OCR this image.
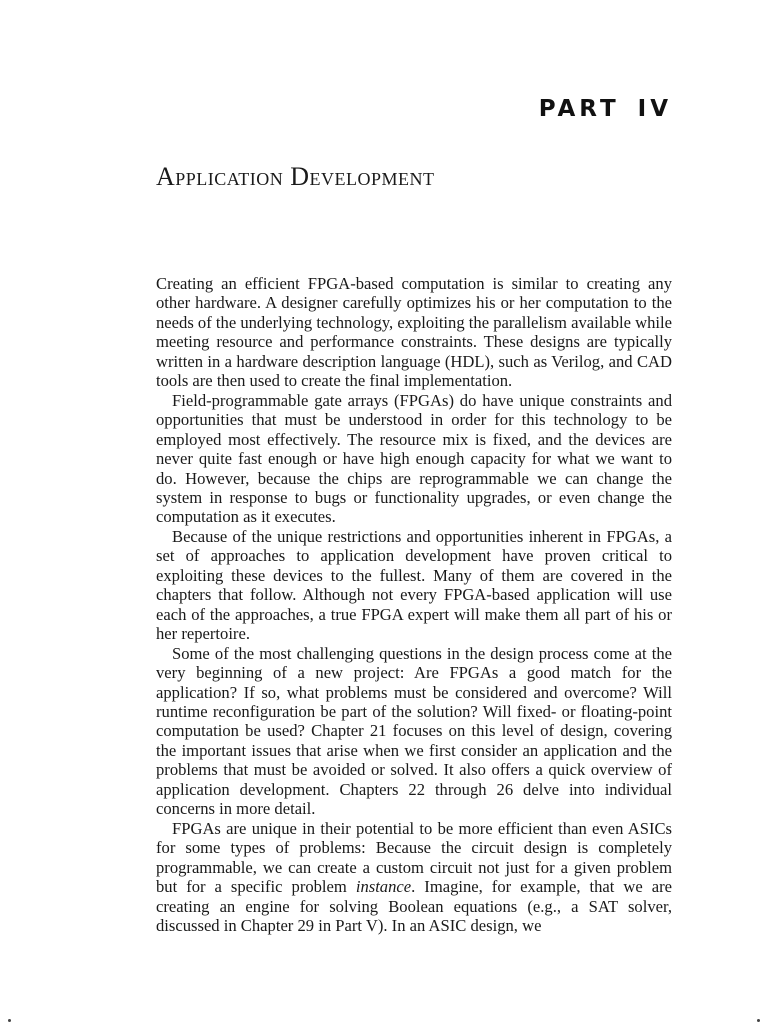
PART IV
Application Development

Creating an efficient FPGA-based computation is similar to creating any other hardware. A designer carefully optimizes his or her computation to the needs of the underlying technology, exploiting the parallelism available while meeting resource and performance constraints. These designs are typically written in a hardware description language (HDL), such as Verilog, and CAD tools are then used to create the final implementation.

Field-programmable gate arrays (FPGAs) do have unique constraints and opportunities that must be understood in order for this technology to be employed most effectively. The resource mix is fixed, and the devices are never quite fast enough or have high enough capacity for what we want to do. However, because the chips are reprogrammable we can change the system in response to bugs or functionality upgrades, or even change the computation as it executes.

Because of the unique restrictions and opportunities inherent in FPGAs, a set of approaches to application development have proven critical to exploiting these devices to the fullest. Many of them are covered in the chapters that follow. Although not every FPGA-based application will use each of the approaches, a true FPGA expert will make them all part of his or her repertoire.

Some of the most challenging questions in the design process come at the very beginning of a new project: Are FPGAs a good match for the application? If so, what problems must be considered and overcome? Will runtime reconfiguration be part of the solution? Will fixed- or floating-point computation be used? Chapter 21 focuses on this level of design, covering the important issues that arise when we first consider an application and the problems that must be avoided or solved. It also offers a quick overview of application development. Chapters 22 through 26 delve into individual concerns in more detail.

FPGAs are unique in their potential to be more efficient than even ASICs for some types of problems: Because the circuit design is completely programmable, we can create a custom circuit not just for a given problem but for a specific problem instance. Imagine, for example, that we are creating an engine for solving Boolean equations (e.g., a SAT solver, discussed in Chapter 29 in Part V). In an ASIC design, we
